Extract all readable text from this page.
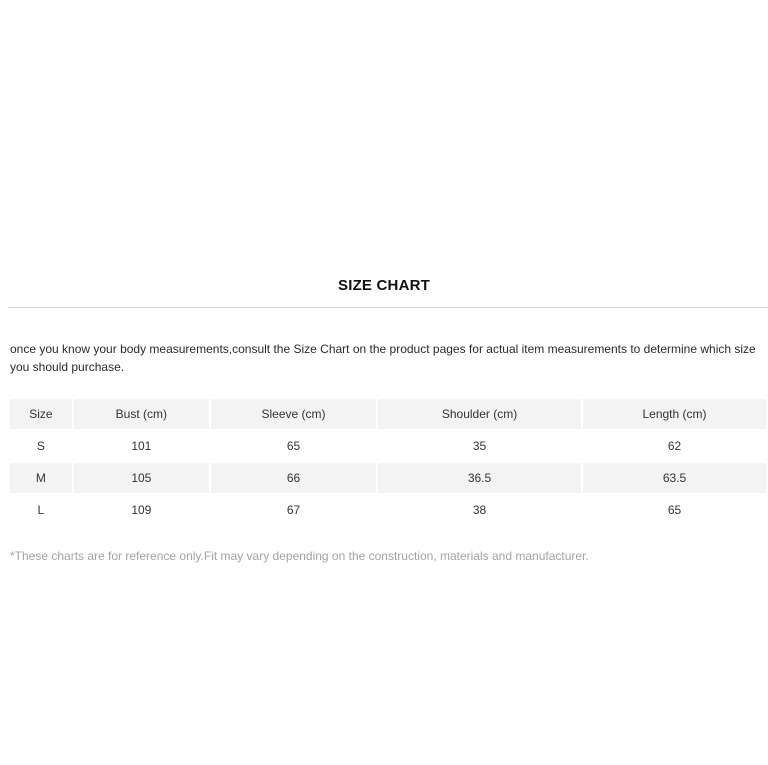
SIZE CHART
once you know your body measurements,consult the Size Chart on the product pages for actual item measurements to determine which size you should purchase.
Size	Bust (cm)	Sleeve (cm)	Shoulder (cm)	Length (cm)
S	101	65	35	62
M	105	66	36.5	63.5
L	109	67	38	65
*These charts are for reference only.Fit may vary depending on the construction, materials and manufacturer.
